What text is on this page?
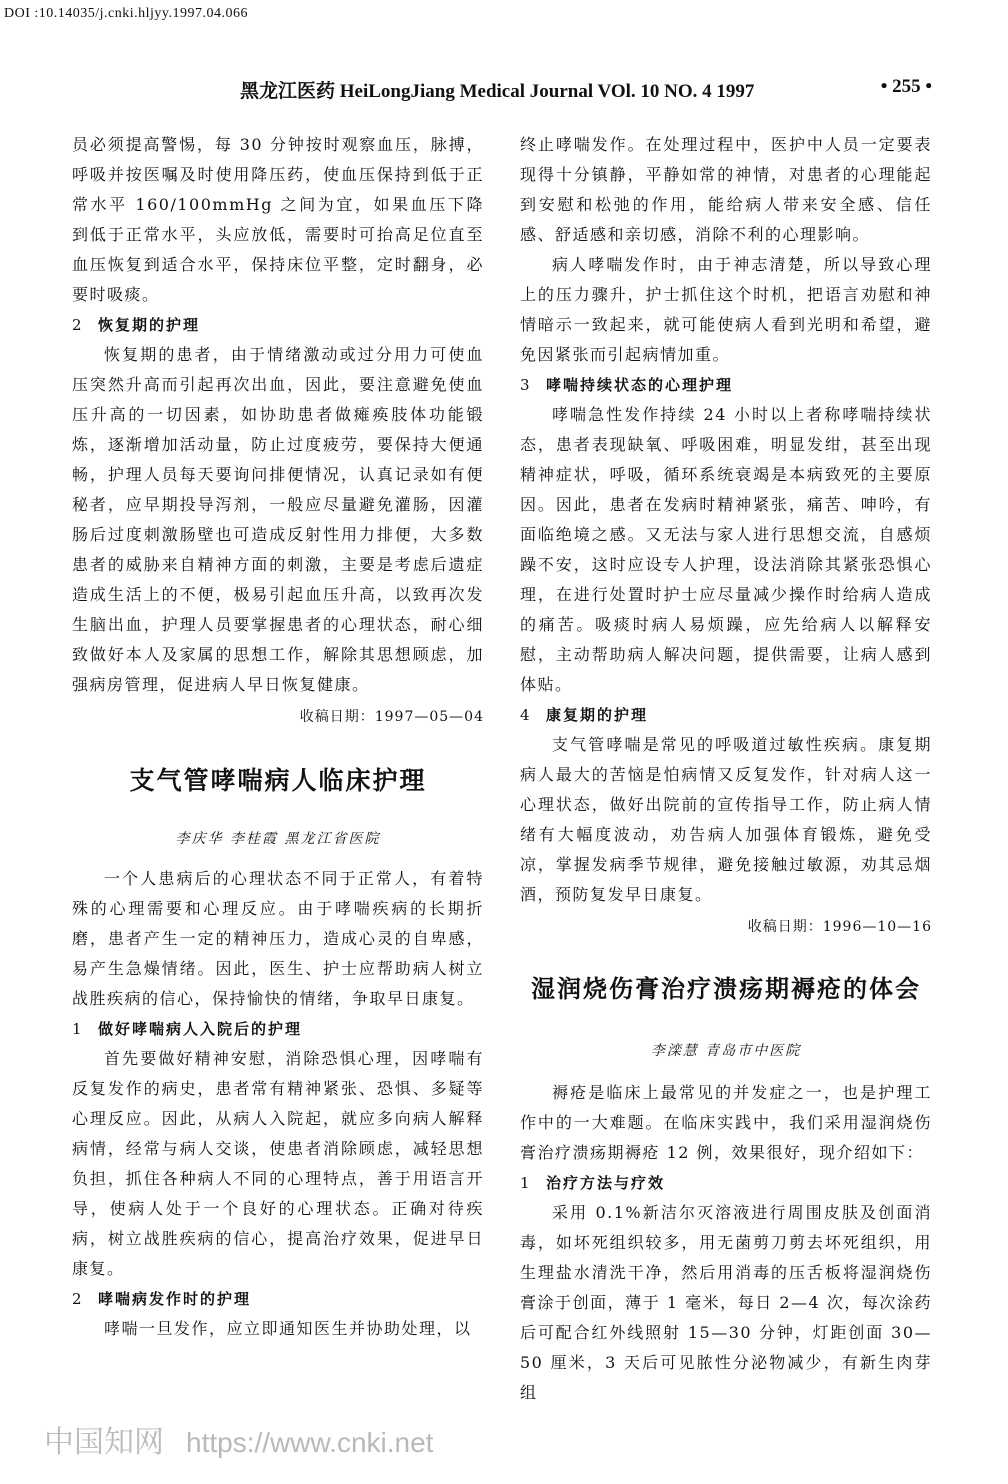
DOI :10.14035/j.cnki.hljyy.1997.04.066
黑龙江医药 HeiLongJiang Medical Journal VOl. 10 NO. 4 1997	• 255 •

员必须提高警惕，每 30 分钟按时观察血压，脉搏，呼吸并按医嘱及时使用降压药，使血压保持到低于正常水平 160/100mmHg 之间为宜，如果血压下降到低于正常水平，头应放低，需要时可抬高足位直至血压恢复到适合水平，保持床位平整，定时翻身，必要时吸痰。

2 恢复期的护理

恢复期的患者，由于情绪激动或过分用力可使血压突然升高而引起再次出血，因此，要注意避免使血压升高的一切因素，如协助患者做瘫痪肢体功能锻炼，逐渐增加活动量，防止过度疲劳，要保持大便通畅，护理人员每天要询问排便情况，认真记录如有便秘者，应早期投导泻剂，一般应尽量避免灌肠，因灌肠后过度刺激肠壁也可造成反射性用力排便，大多数患者的威胁来自精神方面的刺激，主要是考虑后遗症造成生活上的不便，极易引起血压升高，以致再次发生脑出血，护理人员要掌握患者的心理状态，耐心细致做好本人及家属的思想工作，解除其思想顾虑，加强病房管理，促进病人早日恢复健康。

收稿日期：1997—05—04
支气管哮喘病人临床护理
李庆华 李桂霞 黑龙江省医院

一个人患病后的心理状态不同于正常人，有着特殊的心理需要和心理反应。由于哮喘疾病的长期折磨，患者产生一定的精神压力，造成心灵的自卑感，易产生急燥情绪。因此，医生、护士应帮助病人树立战胜疾病的信心，保持愉快的情绪，争取早日康复。

1 做好哮喘病人入院后的护理

首先要做好精神安慰，消除恐惧心理，因哮喘有反复发作的病史，患者常有精神紧张、恐惧、多疑等心理反应。因此，从病人入院起，就应多向病人解释病情，经常与病人交谈，使患者消除顾虑，减轻思想负担，抓住各种病人不同的心理特点，善于用语言开导，使病人处于一个良好的心理状态。正确对待疾病，树立战胜疾病的信心，提高治疗效果，促进早日康复。

2 哮喘病发作时的护理

哮喘一旦发作，应立即通知医生并协助处理，以

终止哮喘发作。在处理过程中，医护中人员一定要表现得十分镇静，平静如常的神情，对患者的心理能起到安慰和松弛的作用，能给病人带来安全感、信任感、舒适感和亲切感，消除不利的心理影响。

病人哮喘发作时，由于神志清楚，所以导致心理上的压力骤升，护士抓住这个时机，把语言劝慰和神情暗示一致起来，就可能使病人看到光明和希望，避免因紧张而引起病情加重。

3 哮喘持续状态的心理护理

哮喘急性发作持续 24 小时以上者称哮喘持续状态，患者表现缺氧、呼吸困难，明显发绀，甚至出现精神症状，呼吸，循环系统衰竭是本病致死的主要原因。因此，患者在发病时精神紧张，痛苦、呻吟，有面临绝境之感。又无法与家人进行思想交流，自感烦躁不安，这时应设专人护理，设法消除其紧张恐惧心理，在进行处置时护士应尽量减少操作时给病人造成的痛苦。吸痰时病人易烦躁，应先给病人以解释安慰，主动帮助病人解决问题，提供需要，让病人感到体贴。

4 康复期的护理

支气管哮喘是常见的呼吸道过敏性疾病。康复期病人最大的苦恼是怕病情又反复发作，针对病人这一心理状态，做好出院前的宣传指导工作，防止病人情绪有大幅度波动，劝告病人加强体育锻炼，避免受凉，掌握发病季节规律，避免接触过敏源，劝其忌烟酒，预防复发早日康复。

收稿日期：1996—10—16
湿润烧伤膏治疗溃疡期褥疮的体会
李滦慧 青岛市中医院

褥疮是临床上最常见的并发症之一，也是护理工作中的一大难题。在临床实践中，我们采用湿润烧伤膏治疗溃疡期褥疮 12 例，效果很好，现介绍如下：

1 治疗方法与疗效

采用 0.1%新洁尔灭溶液进行周围皮肤及创面消毒，如坏死组织较多，用无菌剪刀剪去坏死组织，用生理盐水清洗干净，然后用消毒的压舌板将湿润烧伤膏涂于创面，薄于 1 毫米，每日 2—4 次，每次涂药后可配合红外线照射 15—30 分钟，灯距创面 30—50 厘米，3 天后可见脓性分泌物减少，有新生肉芽组

中国知网 https://www.cnki.net
